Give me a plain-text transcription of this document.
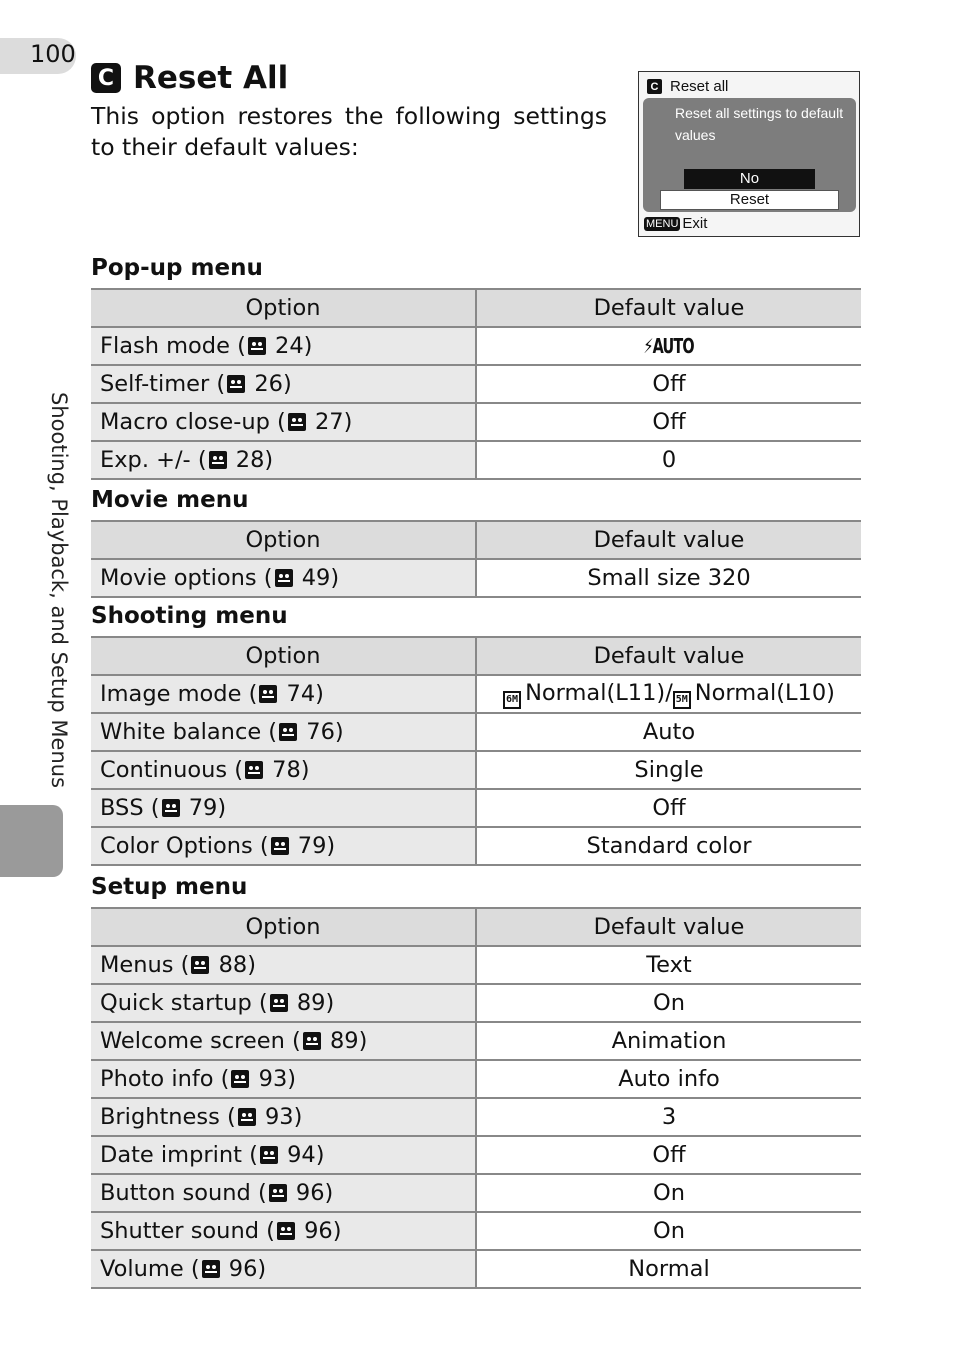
100
Shooting, Playback, and Setup Menus
C Reset All
This option restores the following settings to their default values:
C Reset all
Reset all settings to default values
No
Reset
MENU Exit
Pop-up menu
Option	Default value
Flash mode ( 24)	⚡AUTO
Self-timer ( 26)	Off
Macro close-up ( 27)	Off
Exp. +/- ( 28)	0
Movie menu
Option	Default value
Movie options ( 49)	Small size 320
Shooting menu
Option	Default value
Image mode ( 74)	6M Normal(L11)/ 5M Normal(L10)
White balance ( 76)	Auto
Continuous ( 78)	Single
BSS ( 79)	Off
Color Options ( 79)	Standard color
Setup menu
Option	Default value
Menus ( 88)	Text
Quick startup ( 89)	On
Welcome screen ( 89)	Animation
Photo info ( 93)	Auto info
Brightness ( 93)	3
Date imprint ( 94)	Off
Button sound ( 96)	On
Shutter sound ( 96)	On
Volume ( 96)	Normal
